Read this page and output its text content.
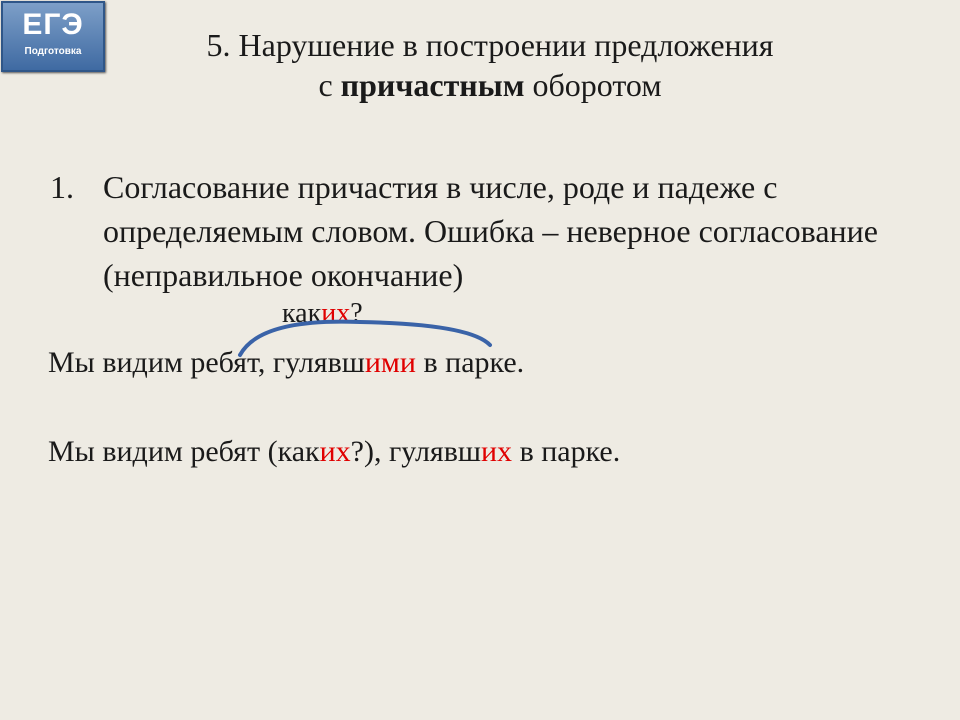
ЕГЭ
Подготовка	5. Нарушение в построении предложения
с причастным оборотом
1. Согласование причастия в числе, роде и падеже с определяемым словом. Ошибка – неверное согласование (неправильное окончание)
каких?
Мы видим ребят, гулявшими в парке.
Мы видим ребят (каких?), гулявших в парке.
